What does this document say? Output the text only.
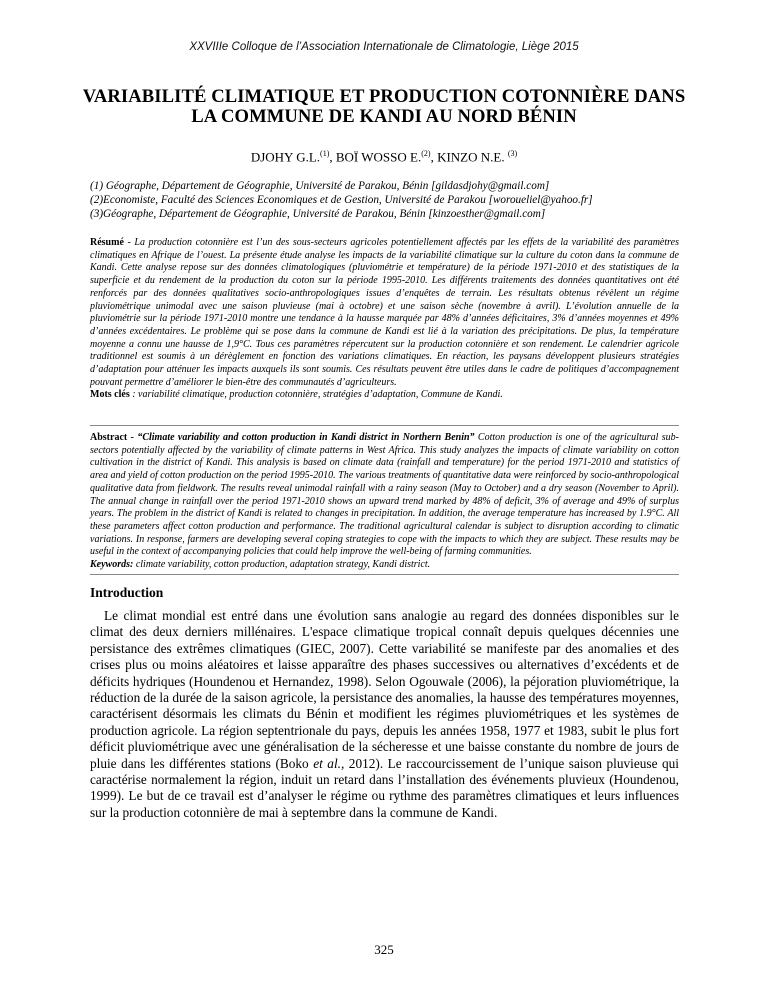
XXVIIIe Colloque de l’Association Internationale de Climatologie, Liège 2015
VARIABILITÉ CLIMATIQUE ET PRODUCTION COTONNIÈRE DANS LA COMMUNE DE KANDI AU NORD BÉNIN
DJOHY G.L.$^{(1)}$, BOÏ WOSSO E.$^{(2)}$, KINZO N.E. $^{(3)}$
(1) Géographe, Département de Géographie, Université de Parakou, Bénin [gildasdjohy@gmail.com]
(2)Economiste, Faculté des Sciences Economiques et de Gestion, Université de Parakou [worouelie​l@yahoo.fr]
(3)Géographe, Département de Géographie, Université de Parakou, Bénin [kinzoesther@gmail.com]
Résumé - La production cotonnière est l’un des sous-secteurs agricoles potentiellement affectés par les effets de la variabilité des paramètres climatiques en Afrique de l’ouest. La présente étude analyse les impacts de la variabilité climatique sur la culture du coton dans la commune de Kandi. Cette analyse repose sur des données climatologiques (pluviométrie et température) de la période 1971-2010 et des statistiques de la superficie et du rendement de la production du coton sur la période 1995-2010. Les différents traitements des données quantitatives ont été renforcés par des données qualitatives socio-anthropologiques issues d’enquêtes de terrain. Les résultats obtenus révèlent un régime pluviométrique unimodal avec une saison pluvieuse (mai à octobre) et une saison sèche (novembre à avril). L’évolution annuelle de la pluviométrie sur la période 1971-2010 montre une tendance à la hausse marquée par 48% d’années déficitaires, 3% d’années moyennes et 49% d’années excédentaires. Le problème qui se pose dans la commune de Kandi est lié à la variation des précipitations. De plus, la température moyenne a connu une hausse de 1,9°C. Tous ces paramètres répercutent sur la production cotonnière et son rendement. Le calendrier agricole traditionnel est soumis à un dérèglement en fonction des variations climatiques. En réaction, les paysans développent plusieurs stratégies d’adaptation pour atténuer les impacts auxquels ils sont soumis. Ces résultats peuvent être utiles dans le cadre de politiques d’accompagnement pouvant permettre d’améliorer le bien-être des communautés d’agriculteurs.
Mots clés : variabilité climatique, production cotonnière, stratégies d’adaptation, Commune de Kandi.
Abstract - “Climate variability and cotton production in Kandi district in Northern Benin” Cotton production is one of the agricultural sub-sectors potentially affected by the variability of climate patterns in West Africa. This study analyzes the impacts of climate variability on cotton cultivation in the district of Kandi. This analysis is based on climate data (rainfall and temperature) for the period 1971-2010 and statistics of area and yield of cotton production on the period 1995-2010. The various treatments of quantitative data were reinforced by socio-anthropological qualitative data from fieldwork. The results reveal unimodal rainfall with a rainy season (May to October) and a dry season (November to April). The annual change in rainfall over the period 1971-2010 shows an upward trend marked by 48% of deficit, 3% of average and 49% of surplus years. The problem in the district of Kandi is related to changes in precipitation. In addition, the average temperature has increased by 1.9°C. All these parameters affect cotton production and performance. The traditional agricultural calendar is subject to disruption according to climatic variations. In response, farmers are developing several coping strategies to cope with the impacts to which they are subject. These results may be useful in the context of accompanying policies that could help improve the well-being of farming communities.
Keywords: climate variability, cotton production, adaptation strategy, Kandi district.
Introduction
Le climat mondial est entré dans une évolution sans analogie au regard des données disponibles sur le climat des deux derniers millénaires. L'espace climatique tropical connaît depuis quelques décennies une persistance des extrêmes climatiques (GIEC, 2007). Cette variabilité se manifeste par des anomalies et des crises plus ou moins aléatoires et laisse apparaître des phases successives ou alternatives d’excédents et de déficits hydriques (Houndenou et Hernandez, 1998). Selon Ogouwale (2006), la péjoration pluviométrique, la réduction de la durée de la saison agricole, la persistance des anomalies, la hausse des températures moyennes, caractérisent désormais les climats du Bénin et modifient les régimes pluviométriques et les systèmes de production agricole. La région septentrionale du pays, depuis les années 1958, 1977 et 1983, subit le plus fort déficit pluviométrique avec une généralisation de la sécheresse et une baisse constante du nombre de jours de pluie dans les différentes stations (Boko et al., 2012). Le raccourcissement de l’unique saison pluvieuse qui caractérise normalement la région, induit un retard dans l’installation des événements pluvieux (Houndenou, 1999). Le but de ce travail est d’analyser le régime ou rythme des paramètres climatiques et leurs influences sur la production cotonnière de mai à septembre dans la commune de Kandi.
325
